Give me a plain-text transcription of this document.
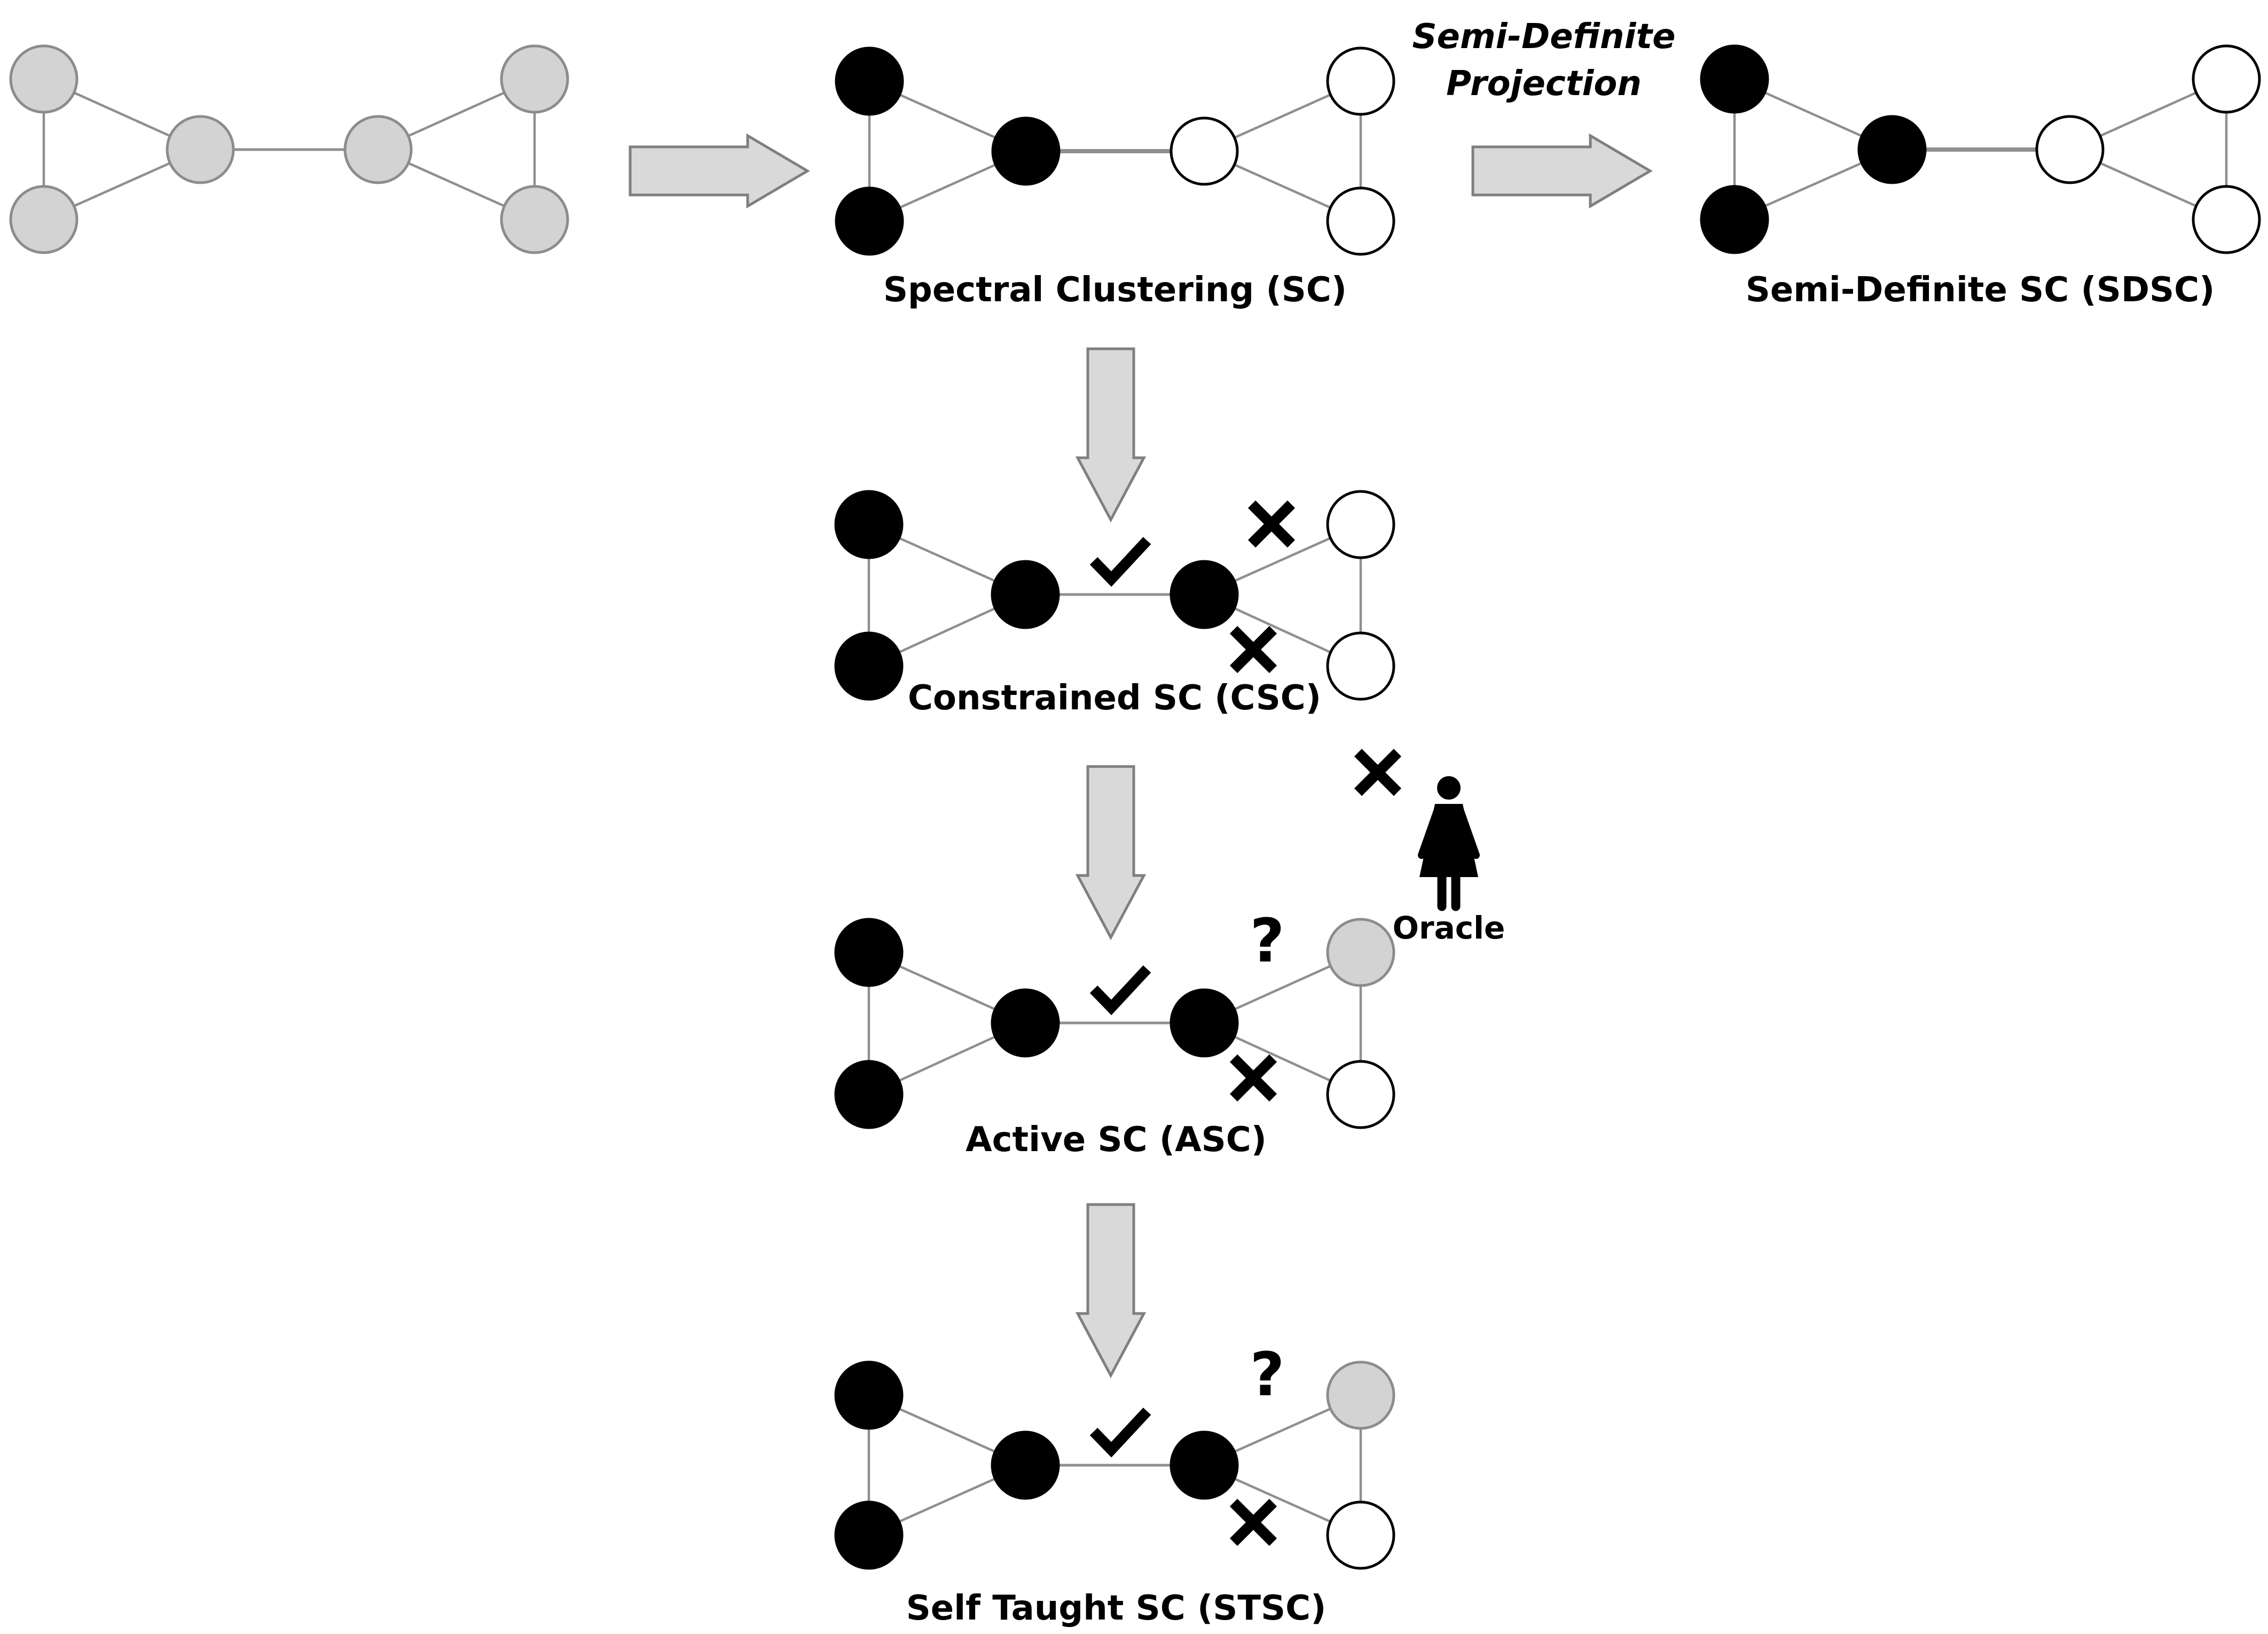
Spectral Clustering (SC)
Semi-Definite
Projection
Semi-Definite SC (SDSC)
Constrained SC (CSC)
Oracle
?
Active SC (ASC)
?
Self Taught SC (STSC)
